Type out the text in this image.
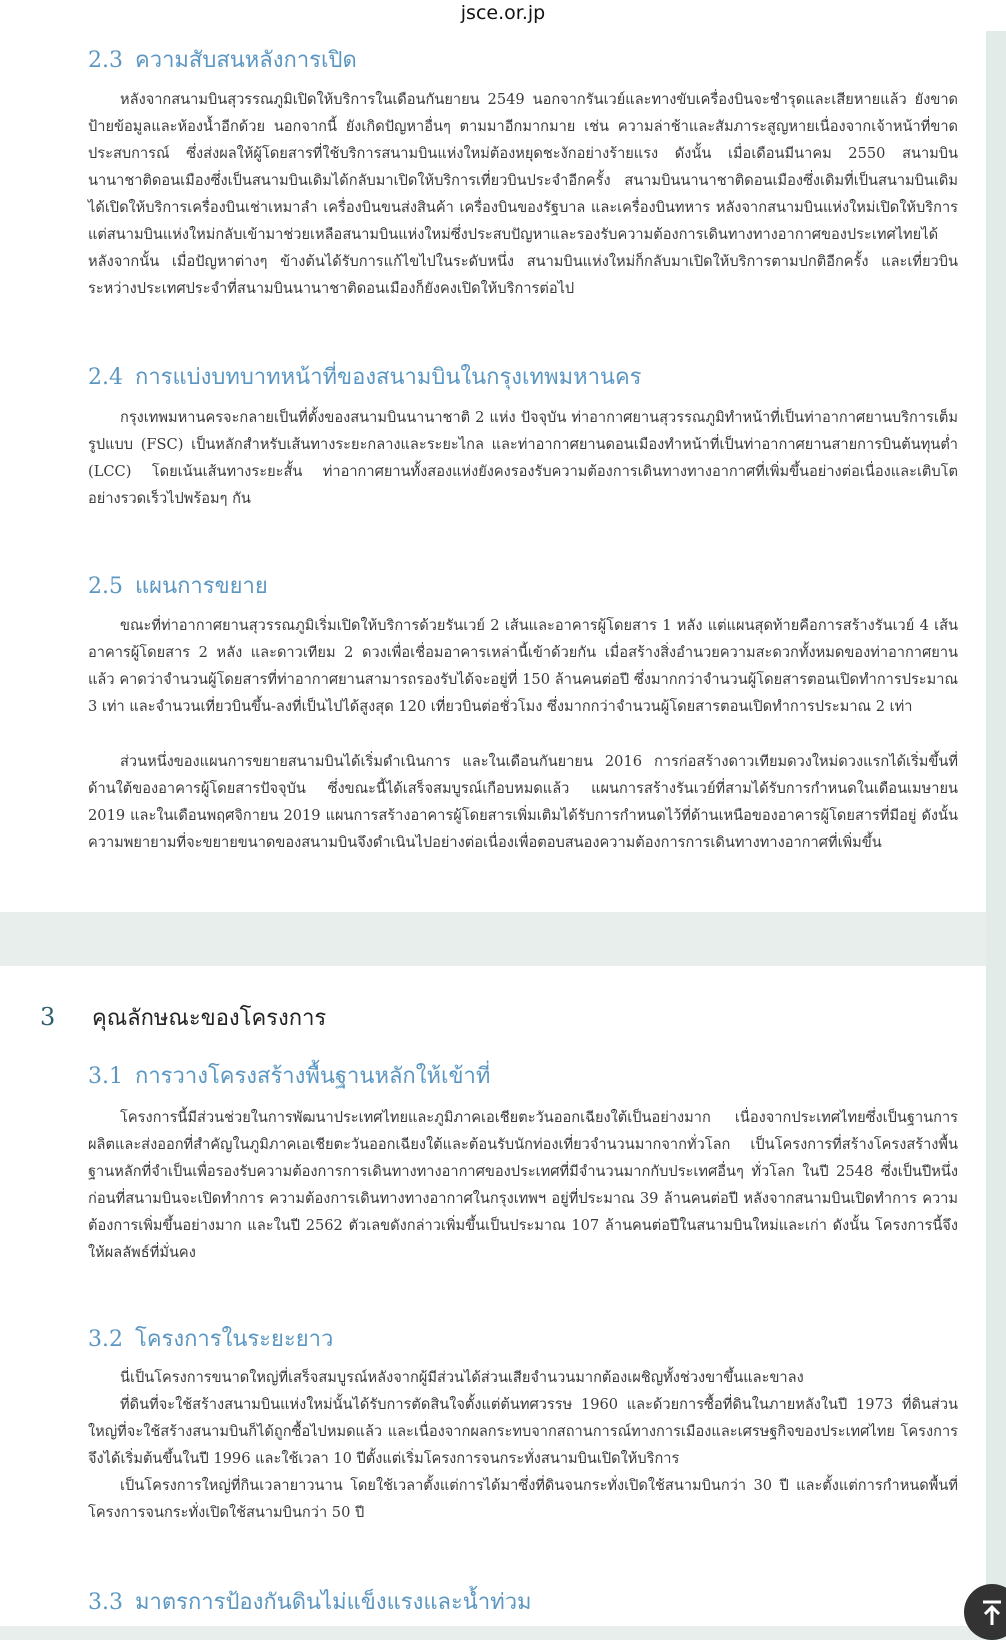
jsce.or.jp
2.3 ความสับสนหลังการเปิด

หลังจากสนามบินสุวรรณภูมิเปิดให้บริการในเดือนกันยายน 2549 นอกจากรันเวย์และทางขับเครื่องบินจะชำรุดและเสียหายแล้ว ยังขาดป้ายข้อมูลและห้องน้ำอีกด้วย นอกจากนี้ ยังเกิดปัญหาอื่นๆ ตามมาอีกมากมาย เช่น ความล่าช้าและสัมภาระสูญหายเนื่องจากเจ้าหน้าที่ขาดประสบการณ์ ซึ่งส่งผลให้ผู้โดยสารที่ใช้บริการสนามบินแห่งใหม่ต้องหยุดชะงักอย่างร้ายแรง ดังนั้น เมื่อเดือนมีนาคม 2550 สนามบินนานาชาติดอนเมืองซึ่งเป็นสนามบินเดิมได้กลับมาเปิดให้บริการเที่ยวบินประจำอีกครั้ง สนามบินนานาชาติดอนเมืองซึ่งเดิมที่เป็นสนามบินเดิมได้เปิดให้บริการเครื่องบินเช่าเหมาลำ เครื่องบินขนส่งสินค้า เครื่องบินของรัฐบาล และเครื่องบินทหาร หลังจากสนามบินแห่งใหม่เปิดให้บริการ แต่สนามบินแห่งใหม่กลับเข้ามาช่วยเหลือสนามบินแห่งใหม่ซึ่งประสบปัญหาและรองรับความต้องการเดินทางทางอากาศของประเทศไทยได้ หลังจากนั้น เมื่อปัญหาต่างๆ ข้างต้นได้รับการแก้ไขไปในระดับหนึ่ง สนามบินแห่งใหม่ก็กลับมาเปิดให้บริการตามปกติอีกครั้ง และเที่ยวบินระหว่างประเทศประจำที่สนามบินนานาชาติดอนเมืองก็ยังคงเปิดให้บริการต่อไป

2.4 การแบ่งบทบาทหน้าที่ของสนามบินในกรุงเทพมหานคร

กรุงเทพมหานครจะกลายเป็นที่ตั้งของสนามบินนานาชาติ 2 แห่ง ปัจจุบัน ท่าอากาศยานสุวรรณภูมิทำหน้าที่เป็นท่าอากาศยานบริการเต็มรูปแบบ (FSC) เป็นหลักสำหรับเส้นทางระยะกลางและระยะไกล และท่าอากาศยานดอนเมืองทำหน้าที่เป็นท่าอากาศยานสายการบินต้นทุนต่ำ (LCC) โดยเน้นเส้นทางระยะสั้น ท่าอากาศยานทั้งสองแห่งยังคงรองรับความต้องการเดินทางทางอากาศที่เพิ่มขึ้นอย่างต่อเนื่องและเติบโตอย่างรวดเร็วไปพร้อมๆ กัน

2.5 แผนการขยาย

ขณะที่ท่าอากาศยานสุวรรณภูมิเริ่มเปิดให้บริการด้วยรันเวย์ 2 เส้นและอาคารผู้โดยสาร 1 หลัง แต่แผนสุดท้ายคือการสร้างรันเวย์ 4 เส้น อาคารผู้โดยสาร 2 หลัง และดาวเทียม 2 ดวงเพื่อเชื่อมอาคารเหล่านี้เข้าด้วยกัน เมื่อสร้างสิ่งอำนวยความสะดวกทั้งหมดของท่าอากาศยานแล้ว คาดว่าจำนวนผู้โดยสารที่ท่าอากาศยานสามารถรองรับได้จะอยู่ที่ 150 ล้านคนต่อปี ซึ่งมากกว่าจำนวนผู้โดยสารตอนเปิดทำการประมาณ 3 เท่า และจำนวนเที่ยวบินขึ้น-ลงที่เป็นไปได้สูงสุด 120 เที่ยวบินต่อชั่วโมง ซึ่งมากกว่าจำนวนผู้โดยสารตอนเปิดทำการประมาณ 2 เท่า

ส่วนหนึ่งของแผนการขยายสนามบินได้เริ่มดำเนินการ และในเดือนกันยายน 2016 การก่อสร้างดาวเทียมดวงใหม่ดวงแรกได้เริ่มขึ้นที่ด้านใต้ของอาคารผู้โดยสารปัจจุบัน ซึ่งขณะนี้ได้เสร็จสมบูรณ์เกือบหมดแล้ว แผนการสร้างรันเวย์ที่สามได้รับการกำหนดในเดือนเมษายน 2019 และในเดือนพฤศจิกายน 2019 แผนการสร้างอาคารผู้โดยสารเพิ่มเติมได้รับการกำหนดไว้ที่ด้านเหนือของอาคารผู้โดยสารที่มีอยู่ ดังนั้น ความพยายามที่จะขยายขนาดของสนามบินจึงดำเนินไปอย่างต่อเนื่องเพื่อตอบสนองความต้องการการเดินทางทางอากาศที่เพิ่มขึ้น

3 คุณลักษณะของโครงการ
3.1 การวางโครงสร้างพื้นฐานหลักให้เข้าที่

โครงการนี้มีส่วนช่วยในการพัฒนาประเทศไทยและภูมิภาคเอเชียตะวันออกเฉียงใต้เป็นอย่างมาก เนื่องจากประเทศไทยซึ่งเป็นฐานการผลิตและส่งออกที่สำคัญในภูมิภาคเอเชียตะวันออกเฉียงใต้และต้อนรับนักท่องเที่ยวจำนวนมากจากทั่วโลก เป็นโครงการที่สร้างโครงสร้างพื้นฐานหลักที่จำเป็นเพื่อรองรับความต้องการการเดินทางทางอากาศของประเทศที่มีจำนวนมากกับประเทศอื่นๆ ทั่วโลก ในปี 2548 ซึ่งเป็นปีหนึ่งก่อนที่สนามบินจะเปิดทำการ ความต้องการเดินทางทางอากาศในกรุงเทพฯ อยู่ที่ประมาณ 39 ล้านคนต่อปี หลังจากสนามบินเปิดทำการ ความต้องการเพิ่มขึ้นอย่างมาก และในปี 2562 ตัวเลขดังกล่าวเพิ่มขึ้นเป็นประมาณ 107 ล้านคนต่อปีในสนามบินใหม่และเก่า ดังนั้น โครงการนี้จึงให้ผลลัพธ์ที่มั่นคง

3.2 โครงการในระยะยาว

นี่เป็นโครงการขนาดใหญ่ที่เสร็จสมบูรณ์หลังจากผู้มีส่วนได้ส่วนเสียจำนวนมากต้องเผชิญทั้งช่วงขาขึ้นและขาลง

ที่ดินที่จะใช้สร้างสนามบินแห่งใหม่นั้นได้รับการตัดสินใจตั้งแต่ต้นทศวรรษ 1960 และด้วยการซื้อที่ดินในภายหลังในปี 1973 ที่ดินส่วนใหญ่ที่จะใช้สร้างสนามบินก็ได้ถูกซื้อไปหมดแล้ว และเนื่องจากผลกระทบจากสถานการณ์ทางการเมืองและเศรษฐกิจของประเทศไทย โครงการจึงได้เริ่มต้นขึ้นในปี 1996 และใช้เวลา 10 ปีตั้งแต่เริ่มโครงการจนกระทั่งสนามบินเปิดให้บริการ

เป็นโครงการใหญ่ที่กินเวลายาวนาน โดยใช้เวลาตั้งแต่การได้มาซึ่งที่ดินจนกระทั่งเปิดใช้สนามบินกว่า 30 ปี และตั้งแต่การกำหนดพื้นที่โครงการจนกระทั่งเปิดใช้สนามบินกว่า 50 ปี

3.3 มาตรการป้องกันดินไม่แข็งแรงและน้ำท่วม
